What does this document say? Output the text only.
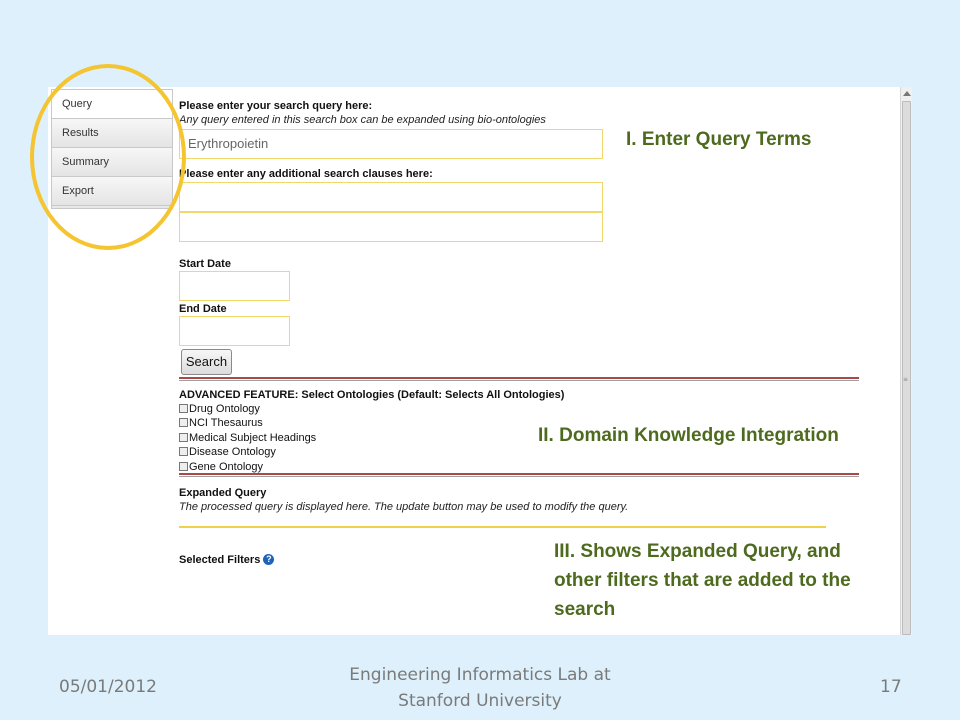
Query
Results
Summary
Export
Please enter your search query here:
Any query entered in this search box can be expanded using bio-ontologies
Erythropoietin
Please enter any additional search clauses here:
Start Date
End Date
Search
ADVANCED FEATURE: Select Ontologies (Default: Selects All Ontologies)
Drug Ontology
NCI Thesaurus
Medical Subject Headings
Disease Ontology
Gene Ontology
Expanded Query
The processed query is displayed here. The update button may be used to modify the query.
Selected Filters ?
≡
I. Enter Query Terms
II. Domain Knowledge Integration
III. Shows Expanded Query, and other filters that are added to the search
05/01/2012
Engineering Informatics Lab at Stanford University
17
